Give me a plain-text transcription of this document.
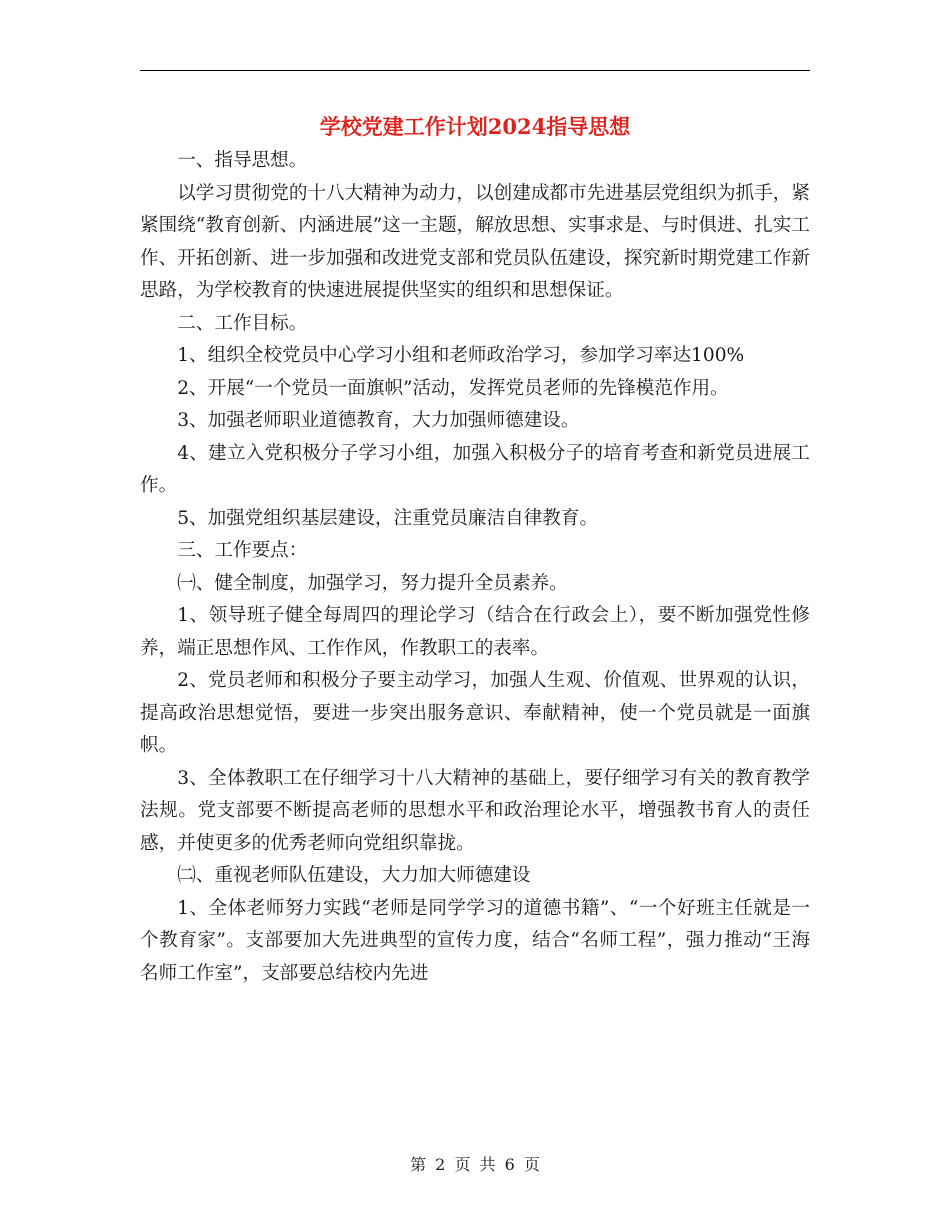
学校党建工作计划2024指导思想

一、指导思想。

以学习贯彻党的十八大精神为动力，以创建成都市先进基层党组织为抓手，紧紧围绕“教育创新、内涵进展”这一主题，解放思想、实事求是、与时俱进、扎实工作、开拓创新、进一步加强和改进党支部和党员队伍建设，探究新时期党建工作新思路，为学校教育的快速进展提供坚实的组织和思想保证。

二、工作目标。

1、组织全校党员中心学习小组和老师政治学习，参加学习率达100%

2、开展“一个党员一面旗帜”活动，发挥党员老师的先锋模范作用。

3、加强老师职业道德教育，大力加强师德建设。

4、建立入党积极分子学习小组，加强入积极分子的培育考查和新党员进展工作。

5、加强党组织基层建设，注重党员廉洁自律教育。

三、工作要点：

㈠、健全制度，加强学习，努力提升全员素养。

1、领导班子健全每周四的理论学习（结合在行政会上），要不断加强党性修养，端正思想作风、工作作风，作教职工的表率。

2、党员老师和积极分子要主动学习，加强人生观、价值观、世界观的认识，提高政治思想觉悟，要进一步突出服务意识、奉献精神，使一个党员就是一面旗帜。

3、全体教职工在仔细学习十八大精神的基础上，要仔细学习有关的教育教学法规。党支部要不断提高老师的思想水平和政治理论水平，增强教书育人的责任感，并使更多的优秀老师向党组织靠拢。

㈡、重视老师队伍建设，大力加大师德建设

1、全体老师努力实践“老师是同学学习的道德书籍”、“一个好班主任就是一个教育家”。支部要加大先进典型的宣传力度，结合“名师工程”，强力推动“王海名师工作室”，支部要总结校内先进

第 2 页 共 6 页
